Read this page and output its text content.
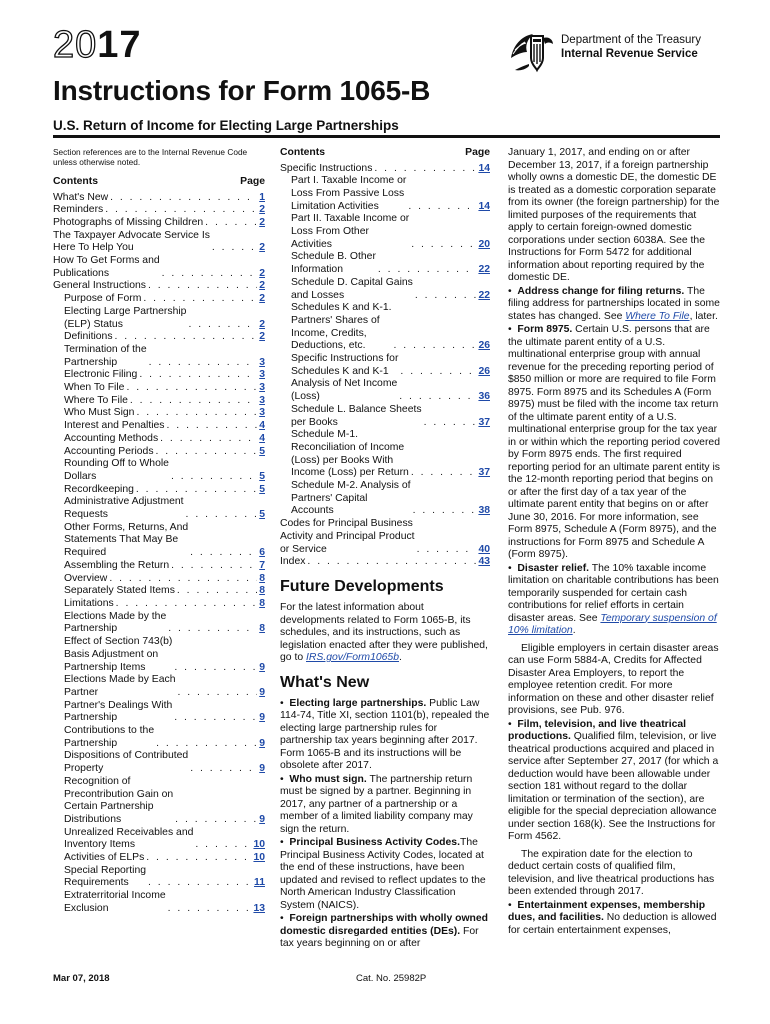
2017	Department of the Treasury
Internal Revenue Service
Instructions for Form 1065-B
U.S. Return of Income for Electing Large Partnerships
Section references are to the Internal Revenue Code unless otherwise noted.
Contents	Page
What's New . . .	1
Reminders . . .	2
Photographs of Missing Children . . .	2
The Taxpayer Advocate Service Is
Here To Help You . . .	2
How To Get Forms and
Publications . . .	2
General Instructions . . .	2
Purpose of Form . . .	2
Electing Large Partnership
(ELP) Status . . .	2
Definitions . . .	2
Termination of the
Partnership . . .	3
Electronic Filing . . .	3
When To File . . .	3
Where To File . . .	3
Who Must Sign . . .	3
Interest and Penalties . . .	4
Accounting Methods . . .	4
Accounting Periods . . .	5
Rounding Off to Whole
Dollars . . .	5
Recordkeeping . . .	5
Administrative Adjustment
Requests . . .	5
Other Forms, Returns, And
Statements That May Be
Required . . .	6
Assembling the Return . . .	7
Overview . . .	8
Separately Stated Items . . .	8
Limitations . . .	8
Elections Made by the
Partnership . . .	8
Effect of Section 743(b)
Basis Adjustment on
Partnership Items . . .	9
Elections Made by Each
Partner . . .	9
Partner's Dealings With
Partnership . . .	9
Contributions to the
Partnership . . .	9
Dispositions of Contributed
Property . . .	9
Recognition of
Precontribution Gain on
Certain Partnership
Distributions . . .	9
Unrealized Receivables and
Inventory Items . . .	10
Activities of ELPs . . .	10
Special Reporting
Requirements . . .	11
Extraterritorial Income
Exclusion . . .	13
Contents	Page
Specific Instructions . . .	14
Part I. Taxable Income or
Loss From Passive Loss
Limitation Activities . . .	14
Part II. Taxable Income or
Loss From Other
Activities . . .	20
Schedule B. Other
Information . . .	22
Schedule D. Capital Gains
and Losses . . .	22
Schedules K and K-1.
Partners' Shares of
Income, Credits,
Deductions, etc. . . .	26
Specific Instructions for
Schedules K and K-1 . . .	26
Analysis of Net Income
(Loss) . . .	36
Schedule L. Balance Sheets
per Books . . .	37
Schedule M-1.
Reconciliation of Income
(Loss) per Books With
Income (Loss) per Return . . .	37
Schedule M-2. Analysis of
Partners' Capital
Accounts . . .	38
Codes for Principal Business
Activity and Principal Product
or Service . . .	40
Index . . .	43
Future Developments

For the latest information about developments related to Form 1065-B, its schedules, and its instructions, such as legislation enacted after they were published, go to IRS.gov/Form1065b.

What's New

•  Electing large partnerships. Public Law 114-74, Title XI, section 1101(b), repealed the electing large partnership rules for partnership tax years beginning after 2017. Form 1065-B and its instructions will be obsolete after 2017.

•  Who must sign. The partnership return must be signed by a partner. Beginning in 2017, any partner of a partnership or a member of a limited liability company may sign the return.

•  Principal Business Activity Codes.The Principal Business Activity Codes, located at the end of these instructions, have been updated and revised to reflect updates to the North American Industry Classification System (NAICS).

•  Foreign partnerships with wholly owned domestic disregarded entities (DEs). For tax years beginning on or after

January 1, 2017, and ending on or after December 13, 2017, if a foreign partnership wholly owns a domestic DE, the domestic DE is treated as a domestic corporation separate from its owner (the foreign partnership) for the limited purposes of the requirements that apply to certain foreign-owned domestic corporations under section 6038A. See the Instructions for Form 5472 for additional information about reporting required by the domestic DE.

•  Address change for filing returns. The filing address for partnerships located in some states has changed. See Where To File, later.

•  Form 8975. Certain U.S. persons that are the ultimate parent entity of a U.S. multinational enterprise group with annual revenue for the preceding reporting period of $850 million or more are required to file Form 8975. Form 8975 and its Schedules A (Form 8975) must be filed with the income tax return of the ultimate parent entity of a U.S. multinational enterprise group for the tax year in or within which the reporting period covered by Form 8975 ends. The first required reporting period for an ultimate parent entity is the 12-month reporting period that begins on or after the first day of a tax year of the ultimate parent entity that begins on or after June 30, 2016. For more information, see Form 8975, Schedule A (Form 8975), and the instructions for Form 8975 and Schedule A (Form 8975).

•  Disaster relief. The 10% taxable income limitation on charitable contributions has been temporarily suspended for certain cash contributions for relief efforts in certain disaster areas. See Temporary suspension of 10% limitation.

Eligible employers in certain disaster areas can use Form 5884-A, Credits for Affected Disaster Area Employers, to report the employee retention credit. For more information on these and other disaster relief provisions, see Pub. 976.

•  Film, television, and live theatrical productions. Qualified film, television, or live theatrical productions acquired and placed in service after September 27, 2017 (for which a deduction would have been allowable under section 181 without regard to the dollar limitation or termination of the section), are eligible for the special depreciation allowance under section 168(k). See the Instructions for Form 4562.

The expiration date for the election to deduct certain costs of qualified film, television, and live theatrical productions has been extended through 2017.

•  Entertainment expenses, membership dues, and facilities. No deduction is allowed for certain entertainment expenses,

Mar 07, 2018	Cat. No. 25982P
